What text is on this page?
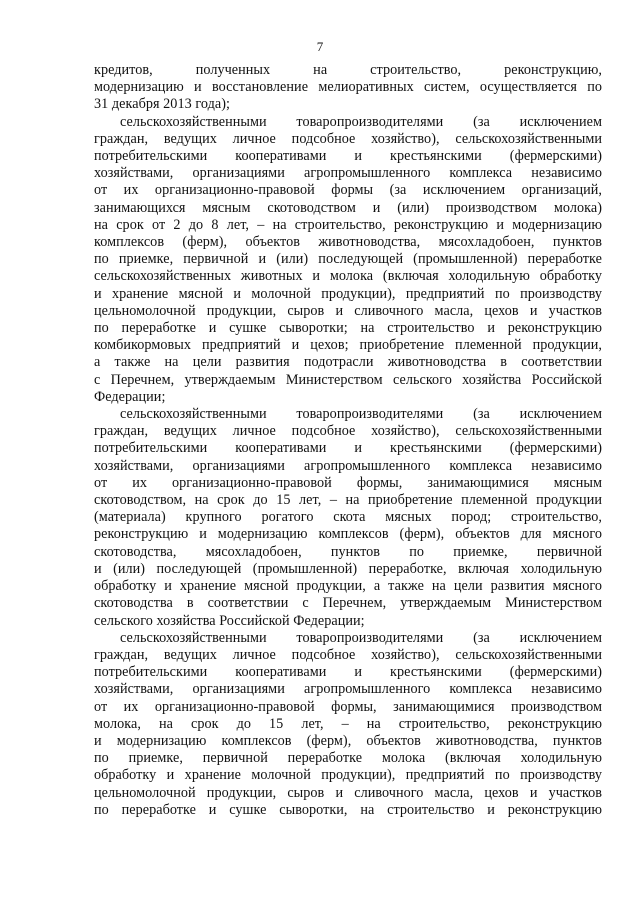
7
кредитов, полученных на строительство, реконструкцию,
модернизацию и восстановление мелиоративных систем, осуществляется по
31 декабря 2013 года);
сельскохозяйственными товаропроизводителями (за исключением
граждан, ведущих личное подсобное хозяйство), сельскохозяйственными
потребительскими кооперативами и крестьянскими (фермерскими)
хозяйствами, организациями агропромышленного комплекса независимо
от их организационно-правовой формы (за исключением организаций,
занимающихся мясным скотоводством и (или) производством молока)
на срок от 2 до 8 лет, – на строительство, реконструкцию и модернизацию
комплексов (ферм), объектов животноводства, мясохладобоен, пунктов
по приемке, первичной и (или) последующей (промышленной) переработке
сельскохозяйственных животных и молока (включая холодильную обработку
и хранение мясной и молочной продукции), предприятий по производству
цельномолочной продукции, сыров и сливочного масла, цехов и участков
по переработке и сушке сыворотки; на строительство и реконструкцию
комбикормовых предприятий и цехов; приобретение племенной продукции,
а также на цели развития подотрасли животноводства в соответствии
с Перечнем, утверждаемым Министерством сельского хозяйства Российской
Федерации;
сельскохозяйственными товаропроизводителями (за исключением
граждан, ведущих личное подсобное хозяйство), сельскохозяйственными
потребительскими кооперативами и крестьянскими (фермерскими)
хозяйствами, организациями агропромышленного комплекса независимо
от их организационно-правовой формы, занимающимися мясным
скотоводством, на срок до 15 лет, – на приобретение племенной продукции
(материала) крупного рогатого скота мясных пород; строительство,
реконструкцию и модернизацию комплексов (ферм), объектов для мясного
скотоводства, мясохладобоен, пунктов по приемке, первичной
и (или) последующей (промышленной) переработке, включая холодильную
обработку и хранение мясной продукции, а также на цели развития мясного
скотоводства в соответствии с Перечнем, утверждаемым Министерством
сельского хозяйства Российской Федерации;
сельскохозяйственными товаропроизводителями (за исключением
граждан, ведущих личное подсобное хозяйство), сельскохозяйственными
потребительскими кооперативами и крестьянскими (фермерскими)
хозяйствами, организациями агропромышленного комплекса независимо
от их организационно-правовой формы, занимающимися производством
молока, на срок до 15 лет, – на строительство, реконструкцию
и модернизацию комплексов (ферм), объектов животноводства, пунктов
по приемке, первичной переработке молока (включая холодильную
обработку и хранение молочной продукции), предприятий по производству
цельномолочной продукции, сыров и сливочного масла, цехов и участков
по переработке и сушке сыворотки, на строительство и реконструкцию
